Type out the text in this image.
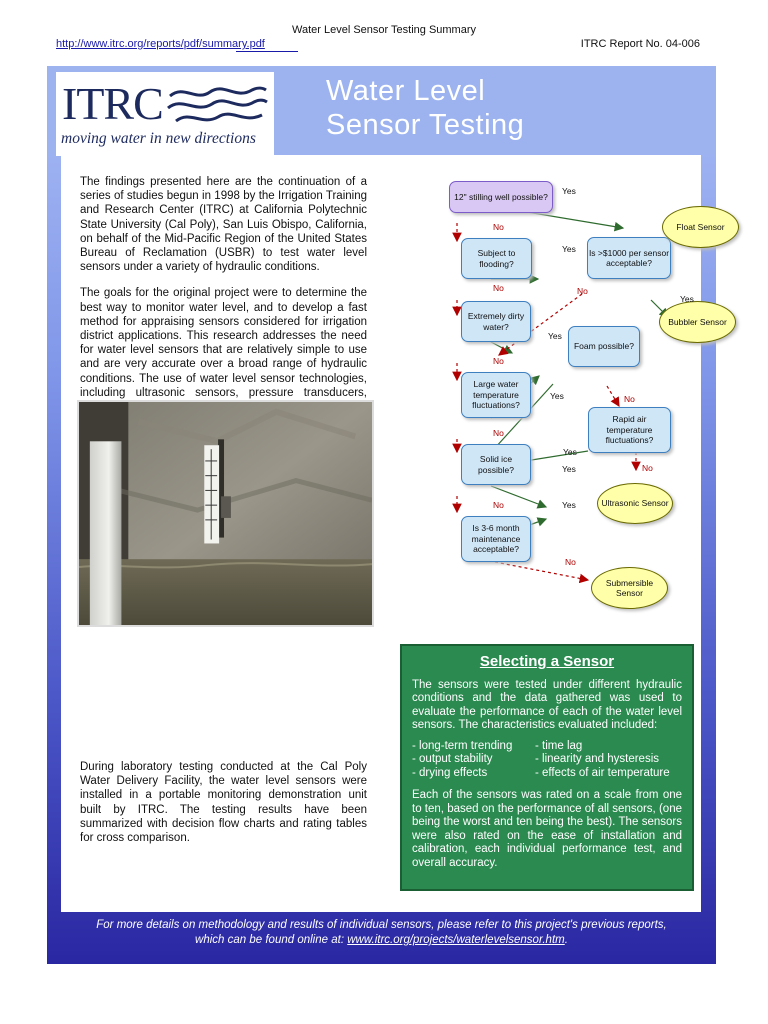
Water Level Sensor Testing Summary
http://www.itrc.org/reports/pdf/summary.pdf	ITRC Report No. 04-006
ITRC
moving water in new directions
Water Level
Sensor Testing

The findings presented here are the continuation of a series of studies begun in 1998 by the Irrigation Training and Research Center (ITRC) at California Polytechnic State University (Cal Poly), San Luis Obispo, California, on behalf of the Mid-Pacific Region of the United States Bureau of Reclamation (USBR) to test water level sensors under a variety of hydraulic conditions.

The goals for the original project were to determine the best way to monitor water level, and to develop a fast method for appraising sensors considered for irrigation district applications. This research addresses the need for water level sensors that are relatively simple to use and are very accurate over a broad range of hydraulic conditions. The use of water level sensor technologies, including ultrasonic sensors, pressure transducers,

During laboratory testing conducted at the Cal Poly Water Delivery Facility, the water level sensors were installed in a portable monitoring demonstration unit built by ITRC. The testing results have been summarized with decision flow charts and rating tables for cross comparison.
12" stilling well possible?
Subject to flooding?
Is >$1000 per sensor acceptable?
Extremely dirty water?
Foam possible?
Large water temperature fluctuations?
Rapid air temperature fluctuations?
Solid ice possible?
Is 3-6 month maintenance acceptable?
Float Sensor
Bubbler Sensor
Ultrasonic Sensor
Submersible Sensor
Yes
No
Yes
Yes
No	No
Yes
No
Yes	No
No
Yes
No
Yes
No	Yes
No
Selecting a Sensor

The sensors were tested under different hydraulic conditions and the data gathered was used to evaluate the performance of each of the water level sensors. The characteristics evaluated included:

- long-term trending	- time lag
- output stability	- linearity and hysteresis
- drying effects	- effects of air temperature

Each of the sensors was rated on a scale from one to ten, based on the performance of all sensors, (one being the worst and ten being the best). The sensors were also rated on the ease of installation and calibration, each individual performance test, and overall accuracy.

For more details on methodology and results of individual sensors, please refer to this project's previous reports,
which can be found online at: www.itrc.org/projects/waterlevelsensor.htm.
